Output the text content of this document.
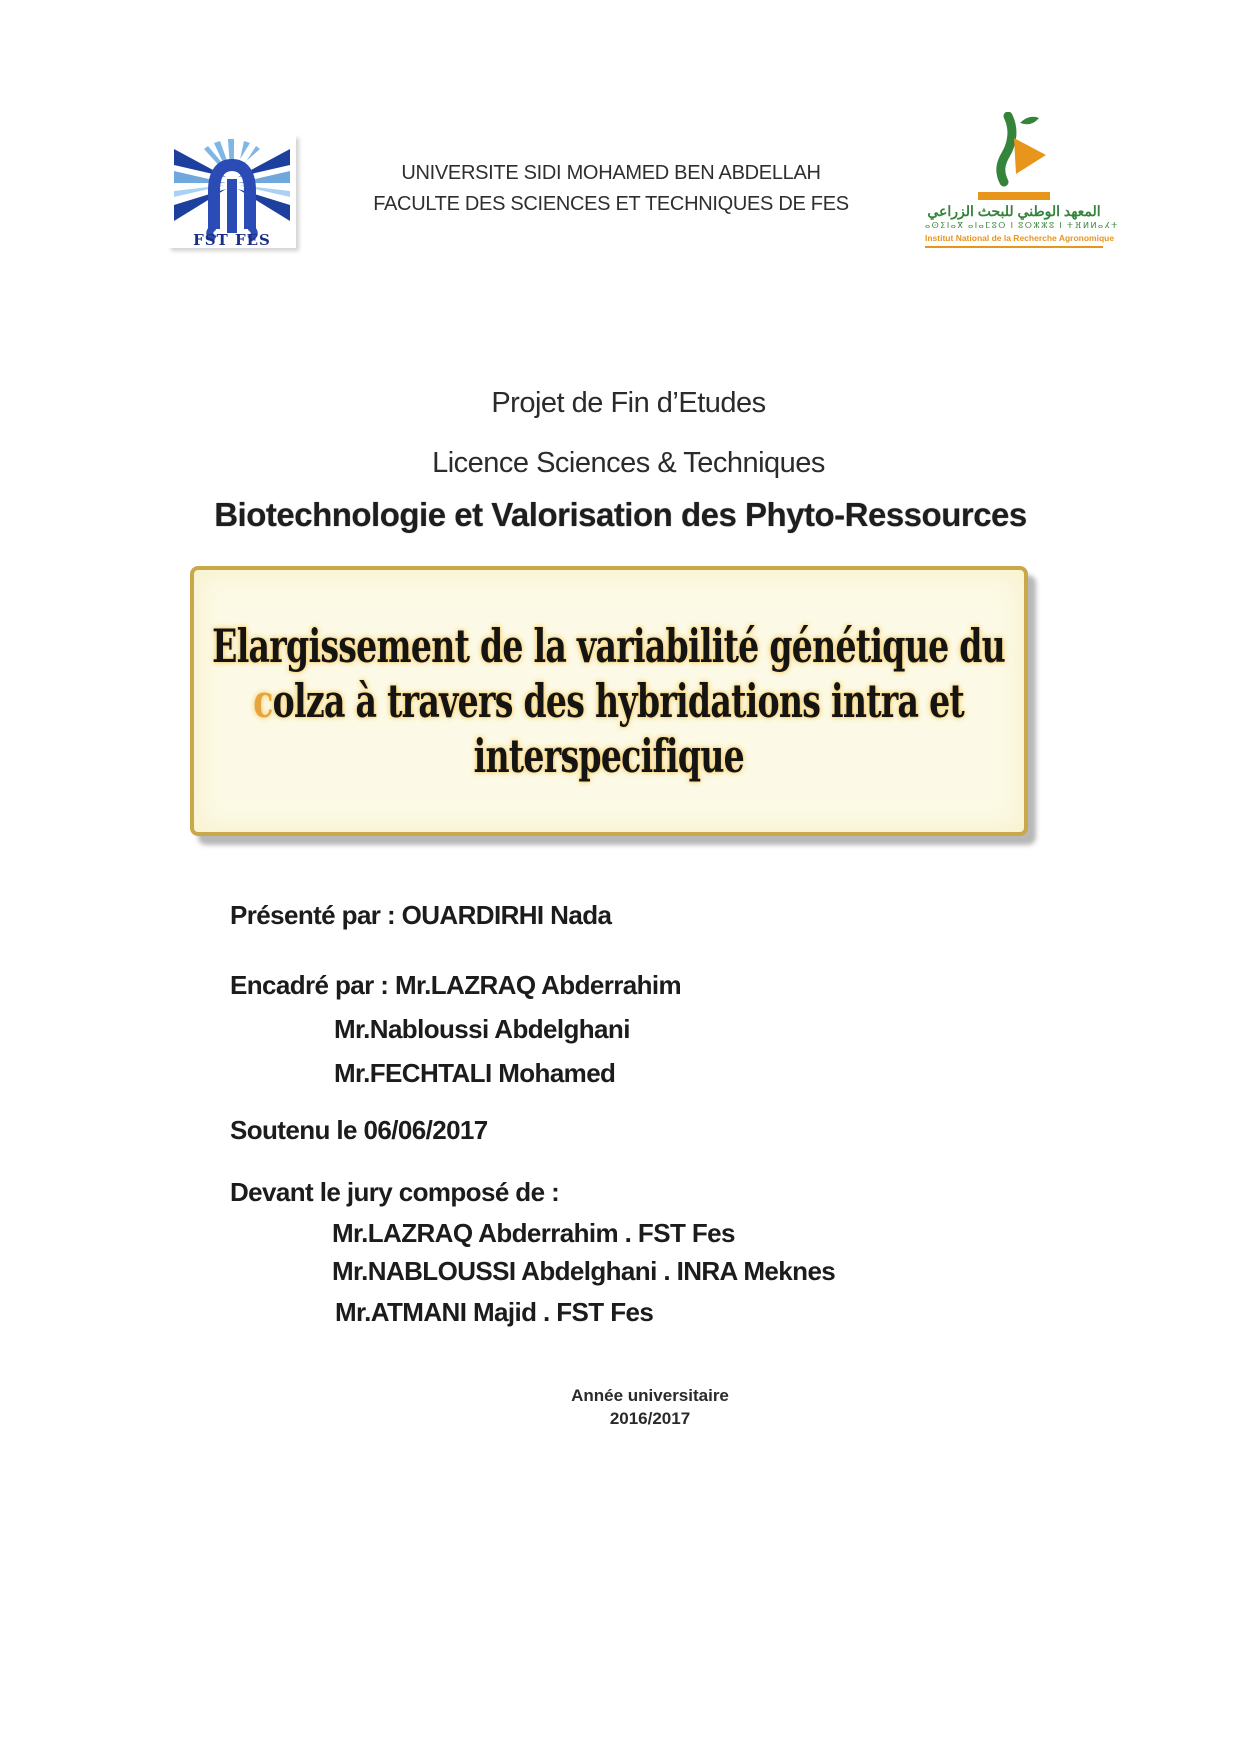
FST FES
UNIVERSITE SIDI MOHAMED BEN ABDELLAH
FACULTE DES SCIENCES ET TECHNIQUES DE FES	المعهد الوطني للبحث الزراعي
ⴰⵙⵉⵏⴰⴳ ⴰⵏⴰⵎⵓⵔ ⵏ ⵓⵔⵣⵣⵓ ⵏ ⵜⴼⵍⵍⴰⵃⵜ
Institut National de la Recherche Agronomique
Projet de Fin d’Etudes
Licence Sciences & Techniques
Biotechnologie et Valorisation des Phyto-Ressources
Elargissement de la variabilité génétique du
colza à travers des hybridations intra et
interspecifique
Présenté par : OUARDIRHI Nada
Encadré par : Mr.LAZRAQ Abderrahim
Mr.Nabloussi Abdelghani
Mr.FECHTALI Mohamed
Soutenu le 06/06/2017
Devant le jury composé de :
Mr.LAZRAQ Abderrahim . FST Fes
Mr.NABLOUSSI Abdelghani . INRA Meknes
Mr.ATMANI Majid . FST Fes
Année universitaire
2016/2017
